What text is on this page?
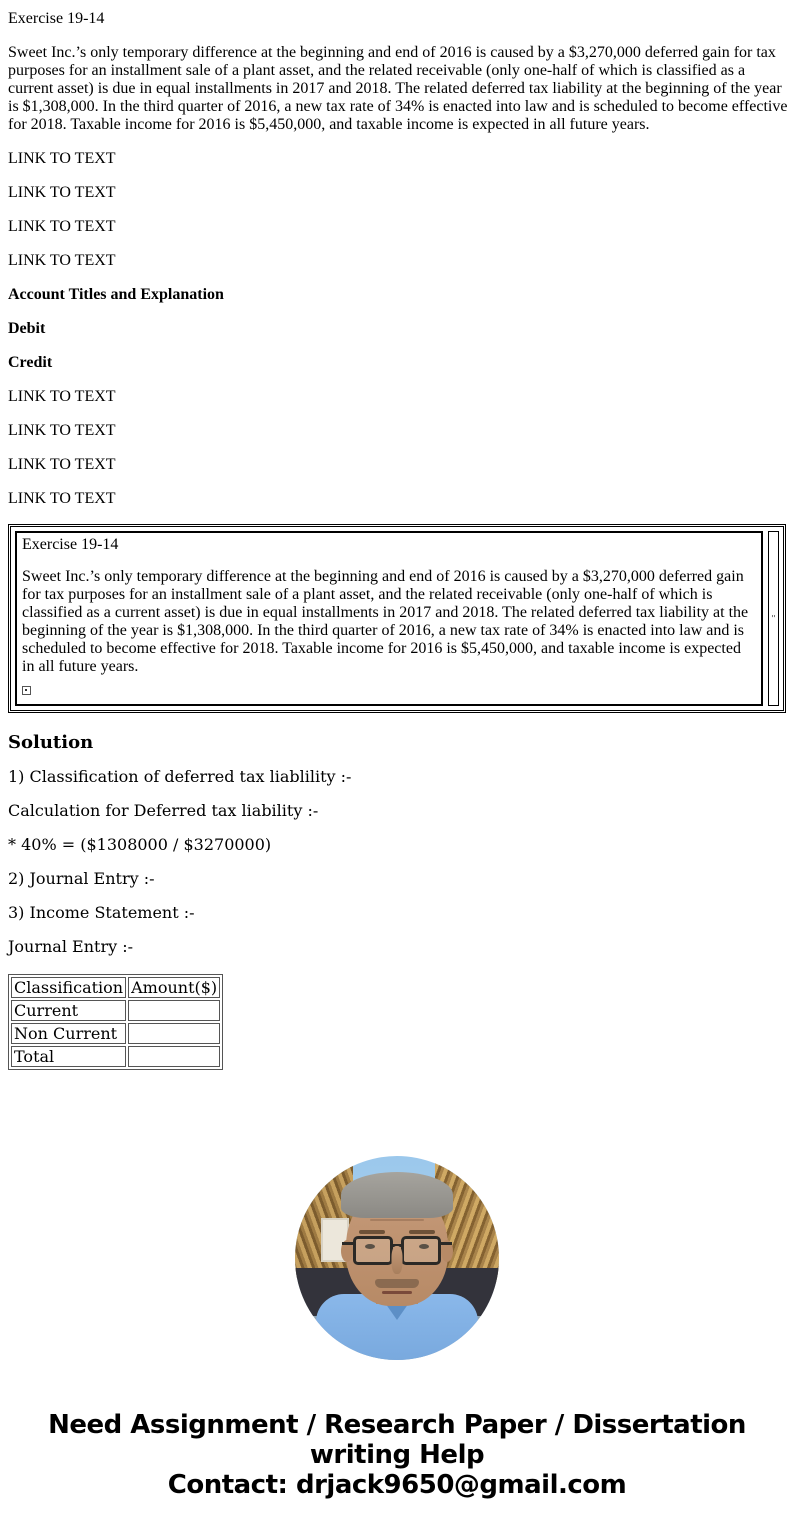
Exercise 19-14

Sweet Inc.’s only temporary difference at the beginning and end of 2016 is caused by a $3,270,000 deferred gain for tax purposes for an installment sale of a plant asset, and the related receivable (only one-half of which is classified as a current asset) is due in equal installments in 2017 and 2018. The related deferred tax liability at the beginning of the year is $1,308,000. In the third quarter of 2016, a new tax rate of 34% is enacted into law and is scheduled to become effective for 2018. Taxable income for 2016 is $5,450,000, and taxable income is expected in all future years.

LINK TO TEXT

LINK TO TEXT

LINK TO TEXT

LINK TO TEXT

Account Titles and Explanation

Debit

Credit

LINK TO TEXT

LINK TO TEXT

LINK TO TEXT

LINK TO TEXT

Exercise 19-14

Sweet Inc.’s only temporary difference at the beginning and end of 2016 is caused by a $3,270,000 deferred gain for tax purposes for an installment sale of a plant asset, and the related receivable (only one-half of which is classified as a current asset) is due in equal installments in 2017 and 2018. The related deferred tax liability at the beginning of the year is $1,308,000. In the third quarter of 2016, a new tax rate of 34% is enacted into law and is scheduled to become effective for 2018. Taxable income for 2016 is $5,450,000, and taxable income is expected in all future years.

''

Solution

1) Classification of deferred tax liablility :-

Calculation for Deferred tax liability :-

* 40% = ($1308000 / $3270000)

2) Journal Entry :-

3) Income Statement :-

Journal Entry :-

Classification	Amount($)
Current	
Non Current	
Total	
Need Assignment / Research Paper / Dissertation
writing Help
Contact: drjack9650@gmail.com
